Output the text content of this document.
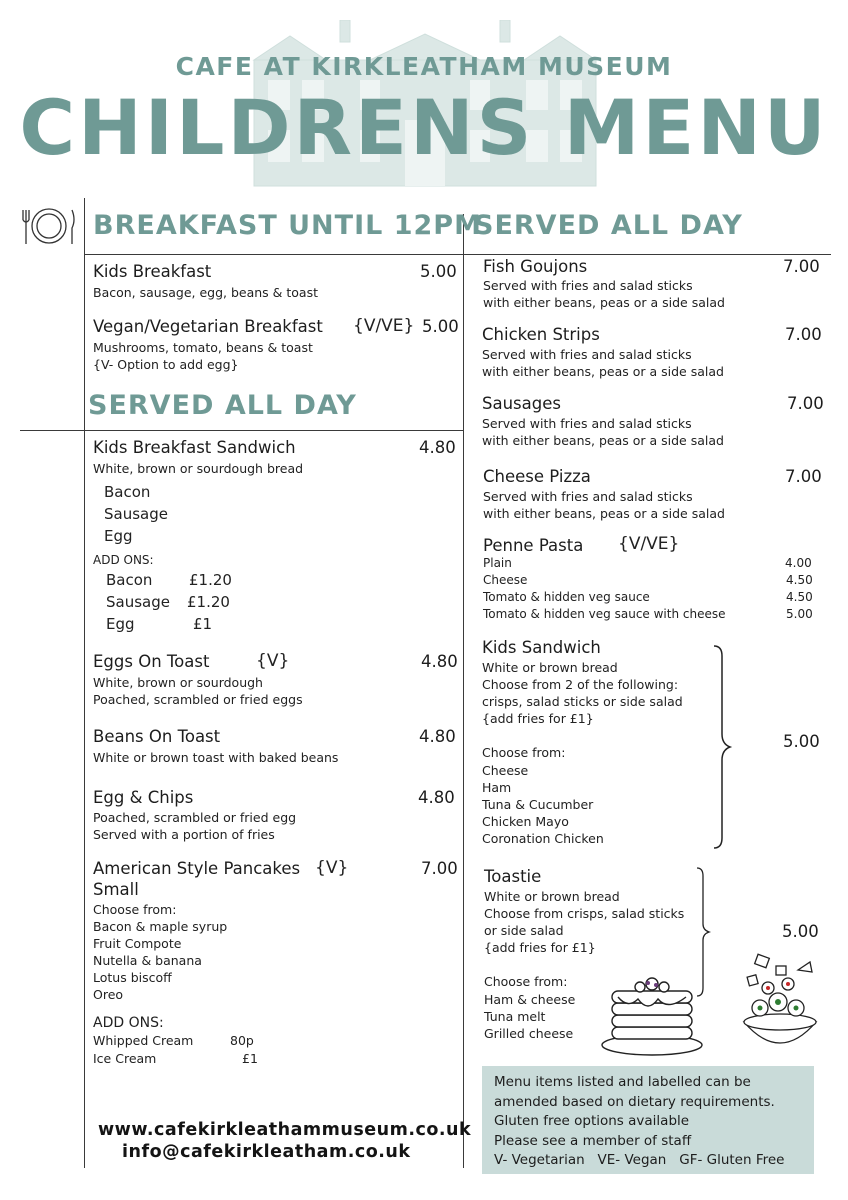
CAFE AT KIRKLEATHAM MUSEUM
CHILDRENS MENU
BREAKFAST UNTIL 12PM
Kids Breakfast	5.00
Bacon, sausage, egg, beans & toast
Vegan/Vegetarian Breakfast {V/VE} 5.00
Mushrooms, tomato, beans & toast
{V- Option to add egg}
SERVED ALL DAY
Kids Breakfast Sandwich	4.80
White, brown or sourdough bread
Bacon
Sausage
Egg
ADD ONS:
Bacon £1.20
Sausage £1.20
Egg	£1
Eggs On Toast	{V}	4.80
White, brown or sourdough
Poached, scrambled or fried eggs
Beans On Toast	4.80
White or brown toast with baked beans
Egg & Chips	4.80
Poached, scrambled or fried egg
Served with a portion of fries
American Style Pancakes {V}	7.00
Small
Choose from:
Bacon & maple syrup
Fruit Compote
Nutella & banana
Lotus biscoff
Oreo
ADD ONS:
Whipped Cream	80p
Ice Cream	£1
www.cafekirkleathammuseum.co.uk
info@cafekirkleatham.co.uk
SERVED ALL DAY
Fish Goujons	7.00
Served with fries and salad sticks
with either beans, peas or a side salad
Chicken Strips	7.00
Served with fries and salad sticks
with either beans, peas or a side salad
Sausages	7.00
Served with fries and salad sticks
with either beans, peas or a side salad
Cheese Pizza	7.00
Served with fries and salad sticks
with either beans, peas or a side salad
Penne Pasta {V/VE}
Plain	4.00
Cheese	4.50
Tomato & hidden veg sauce	4.50
Tomato & hidden veg sauce with cheese	5.00
Kids Sandwich
White or brown bread
Choose from 2 of the following:
crisps, salad sticks or side salad
{add fries for £1}
Choose from:
Cheese
Ham
Tuna & Cucumber
Chicken Mayo
Coronation Chicken
5.00
Toastie
White or brown bread
Choose from crisps, salad sticks
or side salad
{add fries for £1}
Choose from:
Ham & cheese
Tuna melt
Grilled cheese
5.00
Menu items listed and labelled can be
amended based on dietary requirements.
Gluten free options available
Please see a member of staff
V- Vegetarian   VE- Vegan   GF- Gluten Free
